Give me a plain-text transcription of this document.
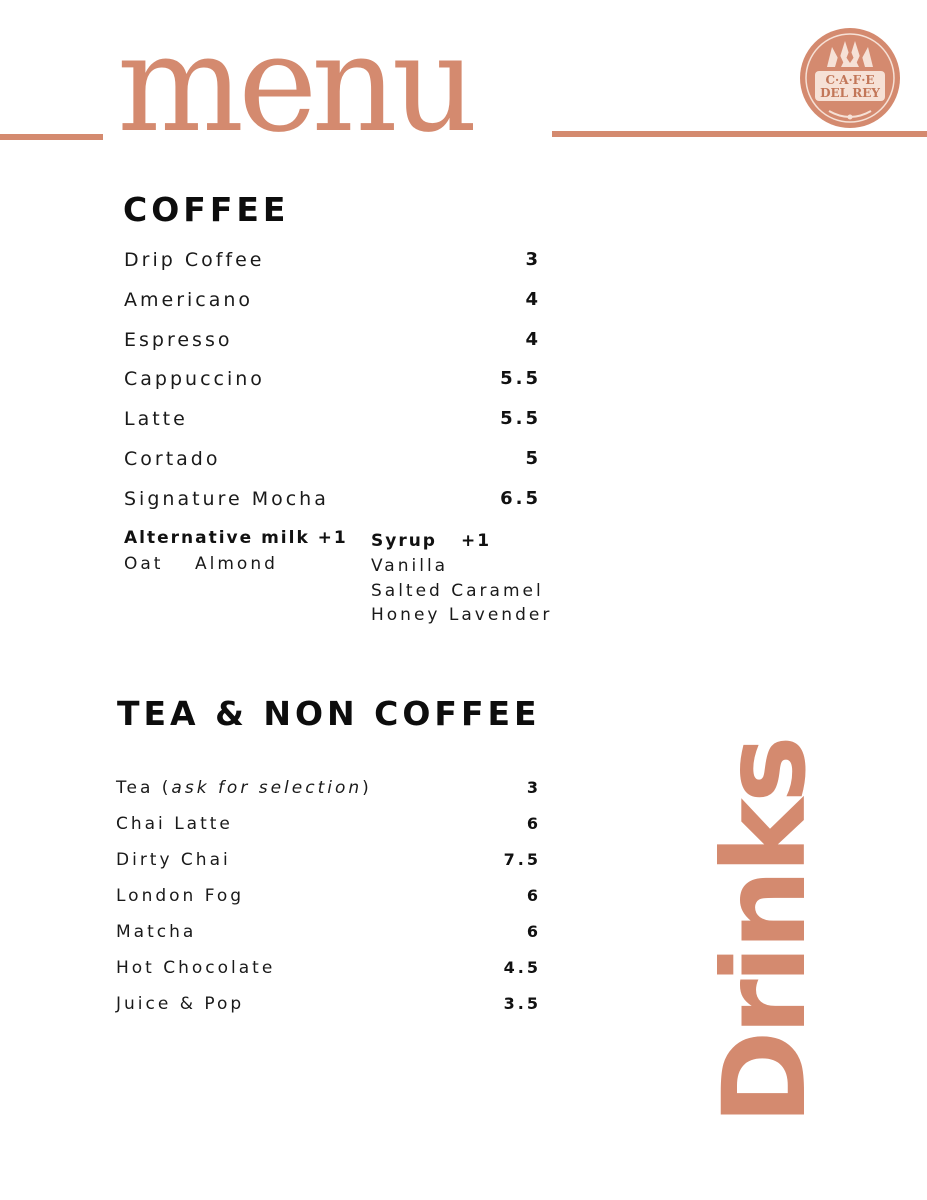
menu	C·A·F·E
DEL REY
COFFEE
Drip Coffee	3
Americano	4
Espresso	4
Cappuccino	5.5
Latte	5.5
Cortado	5
Signature Mocha	6.5
Alternative milk +1
Oat Almond
Syrup +1
Vanilla
Salted Caramel
Honey Lavender
TEA & NON COFFEE
Tea (ask for selection)	3
Chai Latte	6
Dirty Chai	7.5
London Fog	6
Matcha	6
Hot Chocolate	4.5
Juice & Pop	3.5 Drinks
